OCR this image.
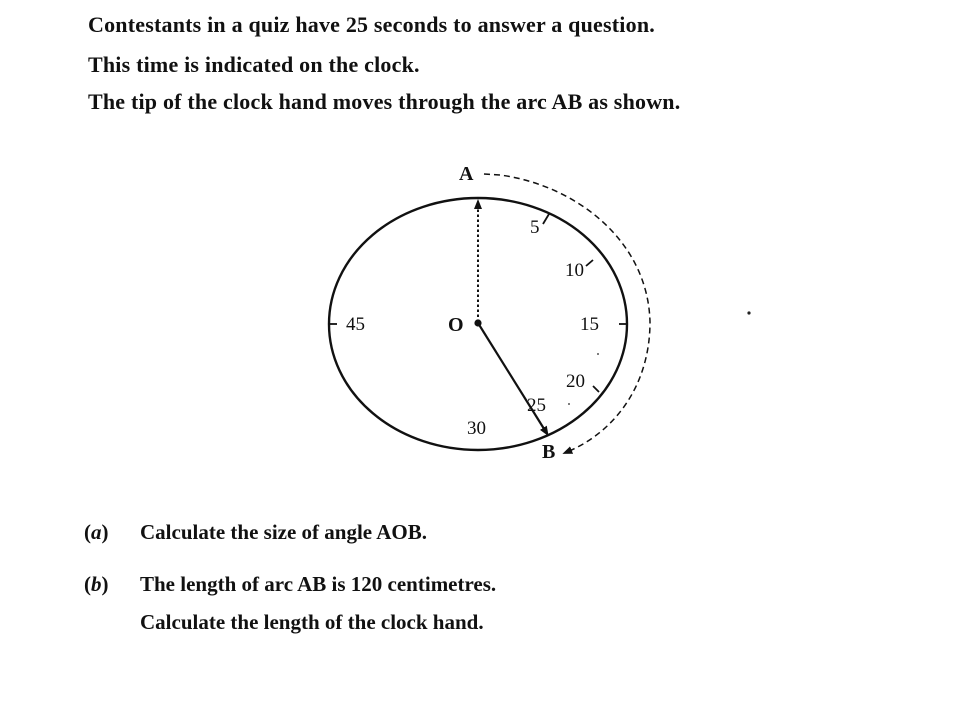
Contestants in a quiz have 25 seconds to answer a question.
This time is indicated on the clock.
The tip of the clock hand moves through the arc AB as shown.
A
B
O
5
10
15
20
25
30
45
(a) Calculate the size of angle AOB.
(b) The length of arc AB is 120 centimetres.
Calculate the length of the clock hand.
